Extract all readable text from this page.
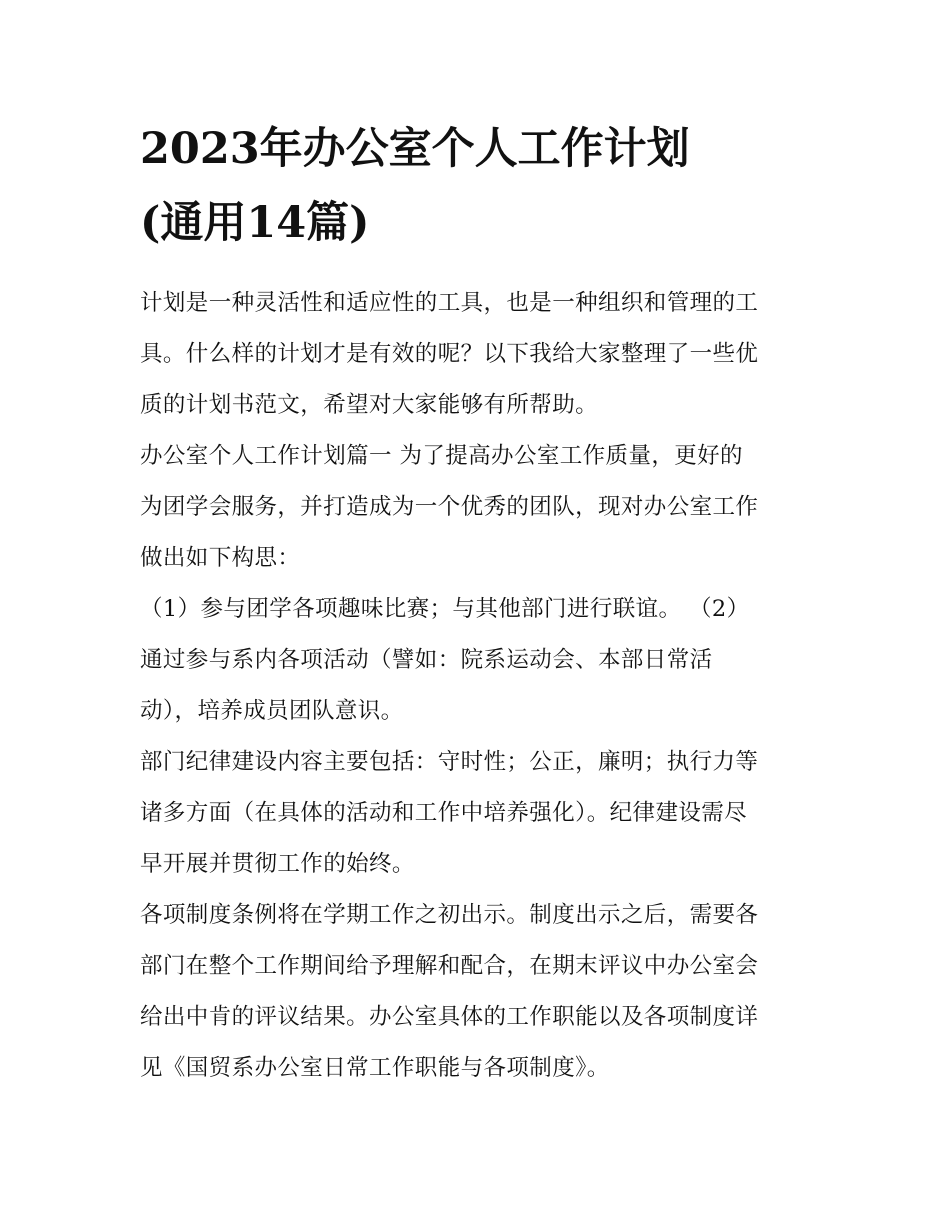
2023年办公室个人工作计划
(通用14篇)

计划是一种灵活性和适应性的工具，也是一种组织和管理的工
具。什么样的计划才是有效的呢？以下我给大家整理了一些优
质的计划书范文，希望对大家能够有所帮助。

办公室个人工作计划篇一 为了提高办公室工作质量，更好的
为团学会服务，并打造成为一个优秀的团队，现对办公室工作
做出如下构思：

（1）参与团学各项趣味比赛；与其他部门进行联谊。 （2）
通过参与系内各项活动（譬如：院系运动会、本部日常活
动），培养成员团队意识。

部门纪律建设内容主要包括：守时性；公正，廉明；执行力等
诸多方面（在具体的活动和工作中培养强化）。纪律建设需尽
早开展并贯彻工作的始终。

各项制度条例将在学期工作之初出示。制度出示之后，需要各
部门在整个工作期间给予理解和配合，在期末评议中办公室会
给出中肯的评议结果。办公室具体的工作职能以及各项制度详
见《国贸系办公室日常工作职能与各项制度》。
